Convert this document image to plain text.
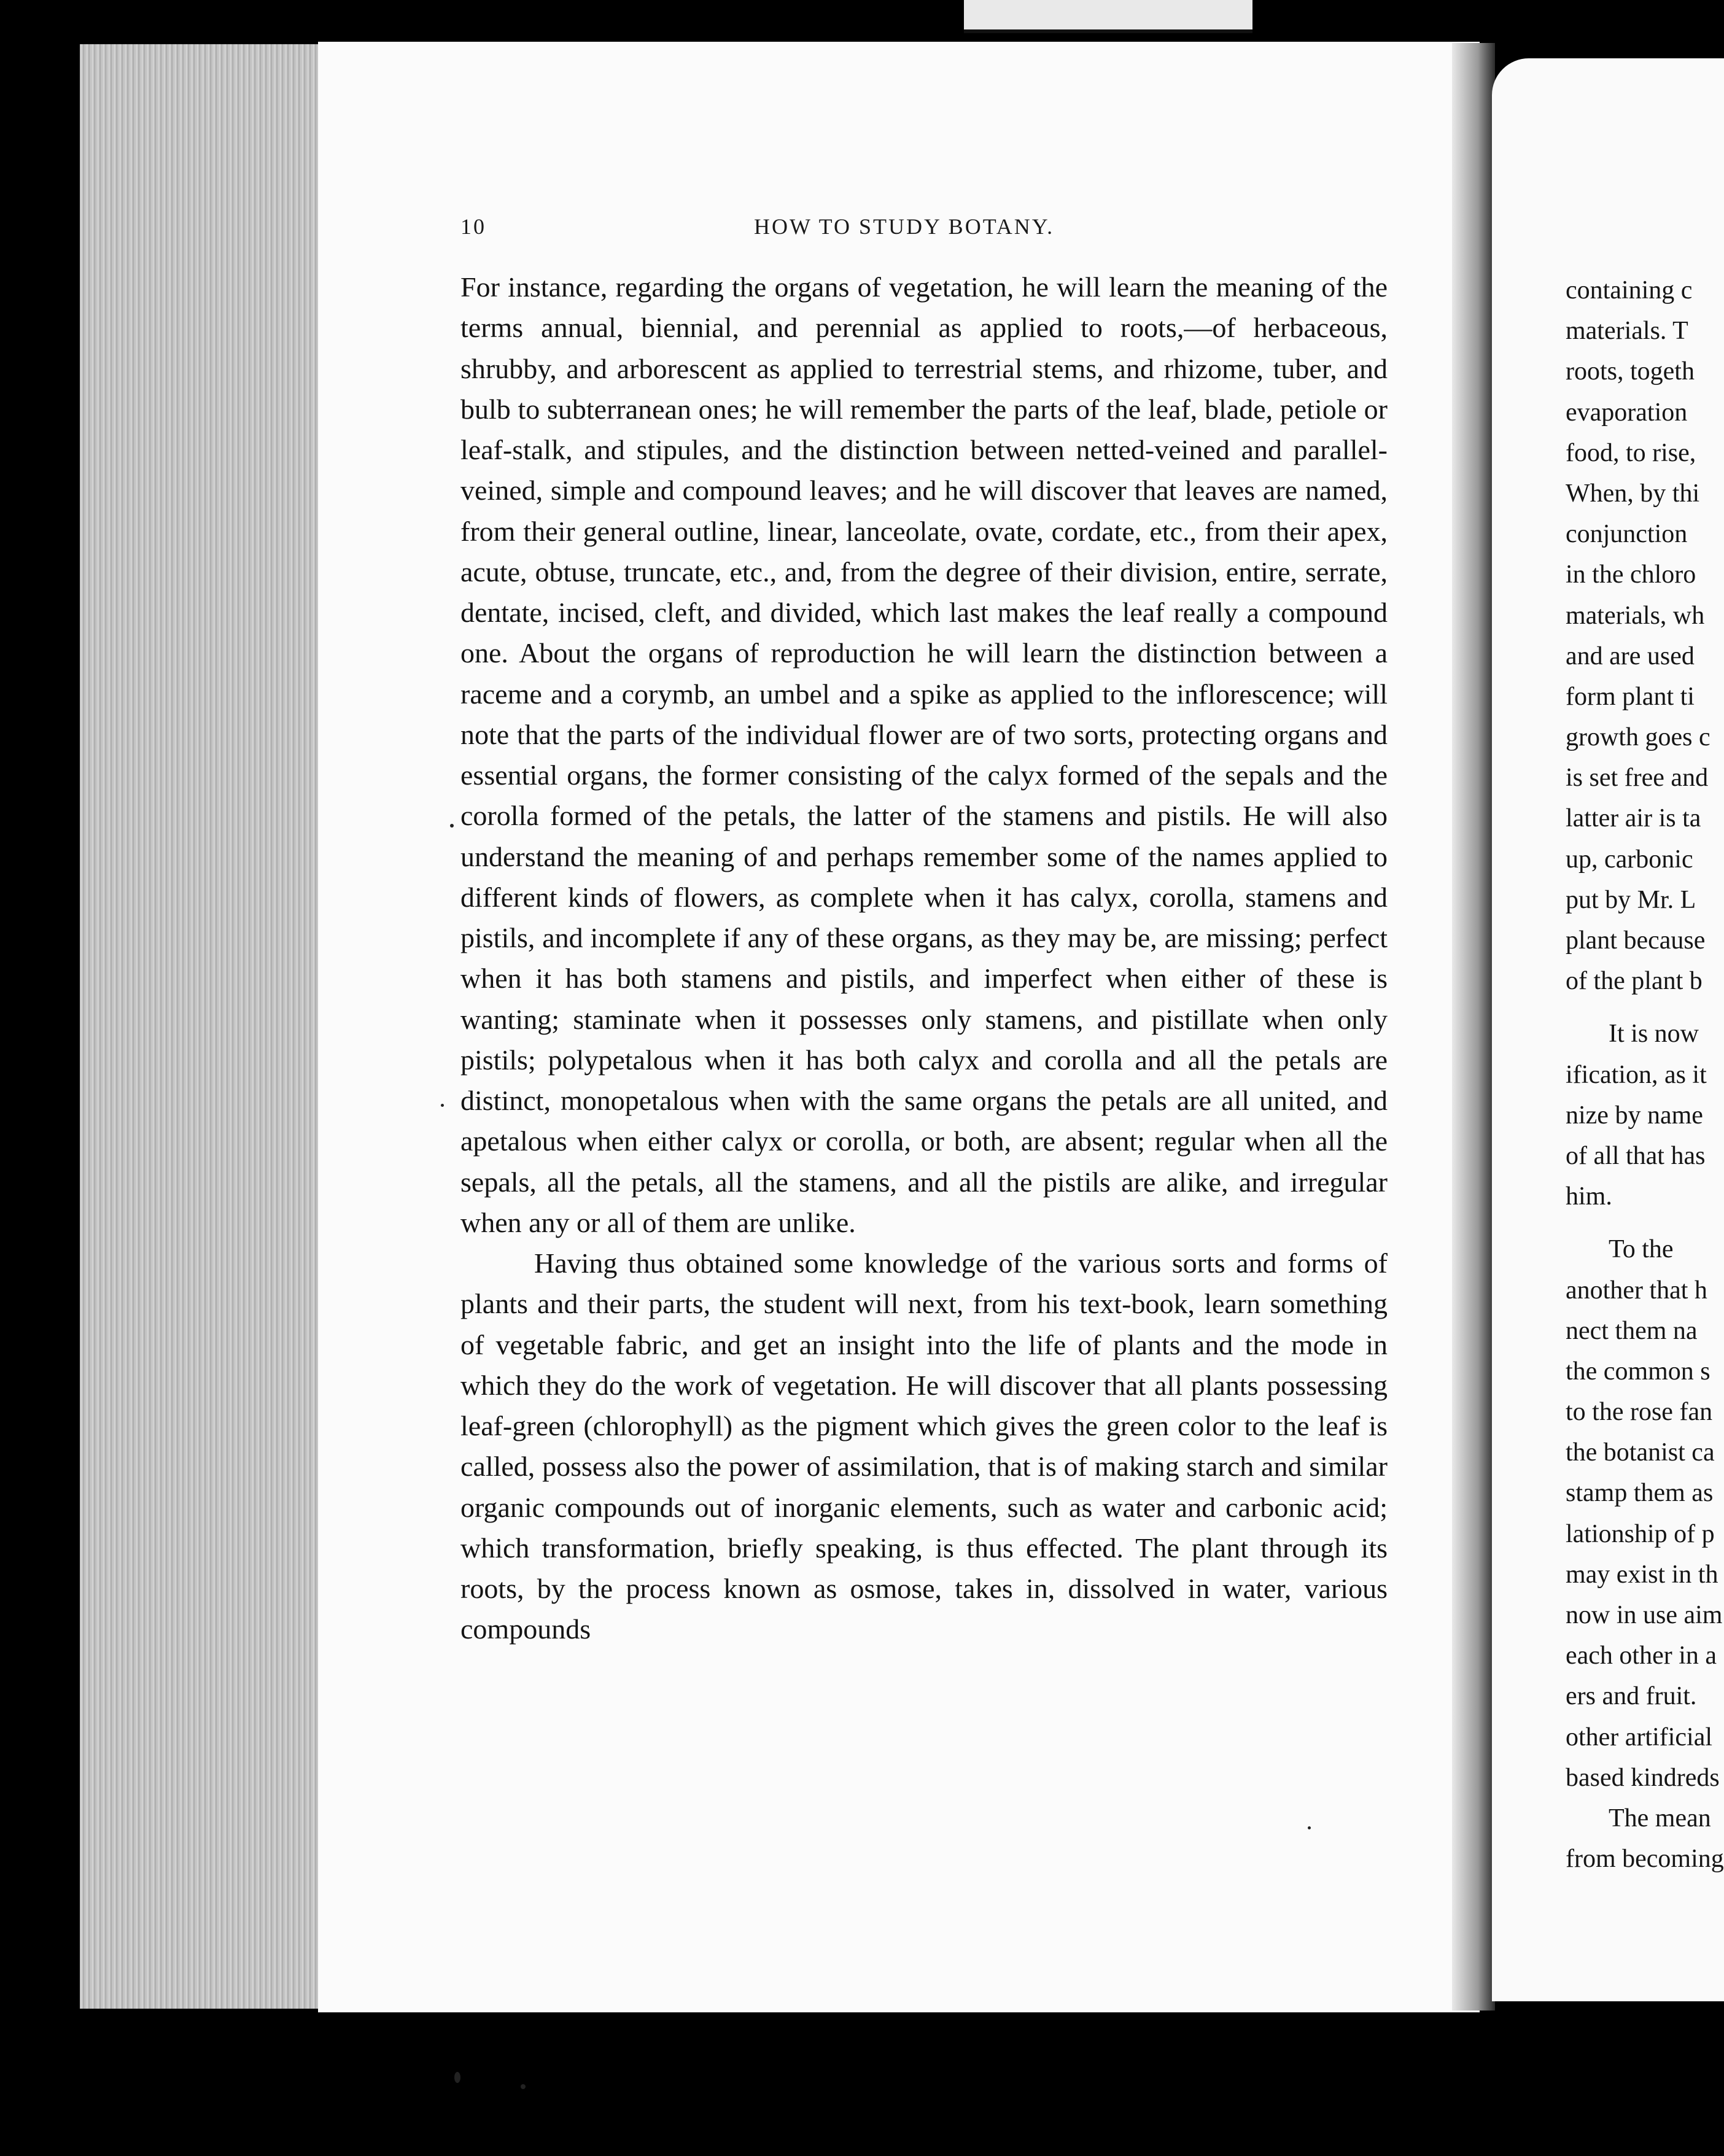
10	HOW TO STUDY BOTANY.

For instance, regarding the organs of vegetation, he will learn the meaning of the terms annual, biennial, and perennial as applied to roots,—of herbaceous, shrubby, and arborescent as applied to terrestrial stems, and rhizome, tuber, and bulb to subterranean ones; he will remember the parts of the leaf, blade, petiole or leaf-stalk, and stipules, and the distinction between netted-veined and parallel-veined, simple and compound leaves; and he will discover that leaves are named, from their general outline, linear, lanceolate, ovate, cordate, etc., from their apex, acute, obtuse, truncate, etc., and, from the degree of their division, entire, serrate, dentate, incised, cleft, and divided, which last makes the leaf really a compound one. About the organs of reproduction he will learn the distinction between a raceme and a corymb, an umbel and a spike as applied to the inflorescence; will note that the parts of the individual flower are of two sorts, protecting organs and essential organs, the former consisting of the calyx formed of the sepals and the corolla formed of the petals, the latter of the stamens and pistils. He will also understand the meaning of and perhaps remember some of the names applied to different kinds of flowers, as complete when it has calyx, corolla, stamens and pistils, and incomplete if any of these organs, as they may be, are missing; perfect when it has both stamens and pistils, and imperfect when either of these is wanting; staminate when it possesses only stamens, and pistillate when only pistils; polypetalous when it has both calyx and corolla and all the petals are distinct, monopetalous when with the same organs the petals are all united, and apetalous when either calyx or corolla, or both, are absent; regular when all the sepals, all the petals, all the stamens, and all the pistils are alike, and irregular when any or all of them are unlike.

Having thus obtained some knowledge of the various sorts and forms of plants and their parts, the student will next, from his text-book, learn something of vegetable fabric, and get an insight into the life of plants and the mode in which they do the work of vegetation. He will discover that all plants possessing leaf-green (chlorophyll) as the pigment which gives the green color to the leaf is called, possess also the power of assimilation, that is of making starch and similar organic compounds out of inorganic elements, such as water and carbonic acid; which transformation, briefly speaking, is thus effected. The plant through its roots, by the process known as osmose, takes in, dissolved in water, various compounds

containing c
materials. T
roots, togeth
evaporation
food, to rise,
When, by thi
conjunction
in the chloro
materials, wh
and are used
form plant ti
growth goes c
is set free and
latter air is ta
up, carbonic
put by Mr. L
plant because
of the plant b
It is now
ification, as it
nize by name
of all that has
him.
To the
another that h
nect them na
the common s
to the rose fan
the botanist ca
stamp them as
lationship of p
may exist in th
now in use aim
each other in a
ers and fruit.
other artificial
based kindreds
The mean
from becoming
